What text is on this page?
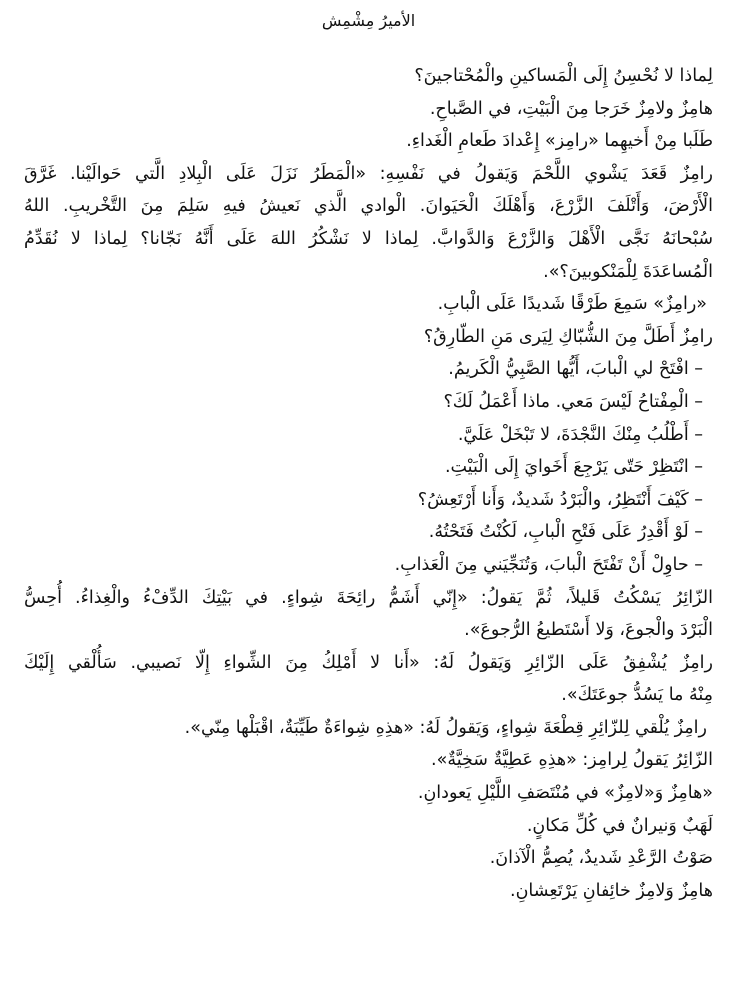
الأميرُ مِشْمِش
لِماذا لا نُحْسِنُ إِلَى الْمَساكينِ والْمُحْتاجينَ؟
هامِزٌ ولامِزٌ خَرَجا مِنَ الْبَيْتِ، في الصَّباحِ.
طَلَبا مِنْ أَخيهِما «رامِز» إِعْدادَ طَعامِ الْغَداءِ.
رامِزٌ قَعَدَ يَشْوي اللَّحْمَ وَيَقولُ في نَفْسِهِ: «الْمَطَرُ نَزَلَ عَلَى الْبِلادِ الَّتي حَوالَيْنا. غَرَّقَ
الْأَرْضَ، وَأَتْلَفَ الزَّرْعَ، وَأَهْلَكَ الْحَيَوانَ. الْوادي الَّذي نَعيشُ فيهِ سَلِمَ مِنَ التَّخْريبِ. اللهُ
سُبْحانَهُ نَجَّى الْأَهْلَ وَالزَّرْعَ وَالدَّوابَّ. لِماذا لا نَشْكُرُ اللهَ عَلَى أَنَّهُ نَجّانا؟ لِماذا لا نُقَدِّمُ
الْمُساعَدَةَ لِلْمَنْكوبينَ؟».
«رامِزٌ» سَمِعَ طَرْقًا شَديدًا عَلَى الْبابِ.
رامِزٌ أَطَلَّ مِنَ الشُّبّاكِ لِيَرى مَنِ الطّارِقُ؟
– افْتَحْ لي الْبابَ، أَيُّها الصَّبِيُّ الْكَريمُ.
– الْمِفْتاحُ لَيْسَ مَعي. ماذا أَعْمَلُ لَكَ؟
– أَطْلُبُ مِنْكَ النَّجْدَةَ، لا تَبْخَلْ عَلَيَّ.
– انْتَظِرْ حَتّى يَرْجِعَ أَخَوايَ إِلَى الْبَيْتِ.
– كَيْفَ أَنْتَظِرُ، والْبَرْدُ شَديدٌ، وَأَنا أَرْتَعِشُ؟
– لَوْ أَقْدِرُ عَلَى فَتْحِ الْبابِ، لَكُنْتُ فَتَحْتُهُ.
– حاوِلْ أَنْ تَفْتَحَ الْبابَ، وَتُنَجِّيَني مِنَ الْعَذابِ.
الزّائِرُ يَسْكُتُ قَليلاً، ثُمَّ يَقولُ: «إِنّي أَشَمُّ رائِحَةَ شِواءٍ. في بَيْتِكَ الدِّفْءُ والْغِذاءُ. أُحِسُّ
الْبَرْدَ والْجوعَ، وَلا أَسْتَطيعُ الرُّجوعَ».
رامِزٌ يُشْفِقُ عَلَى الزّائِرِ وَيَقولُ لَهُ: «أَنا لا أَمْلِكُ مِنَ الشِّواءِ إِلّا نَصيبي. سَأُلْقي إِلَيْكَ
مِنْهُ ما يَسُدُّ جوعَتَكَ».
رامِزٌ يُلْقي لِلزّائِرِ قِطْعَةَ شِواءٍ، وَيَقولُ لَهُ: «هذِهِ شِواءَةٌ طَيِّبَةٌ، اقْبَلْها مِنّي».
الزّائِرُ يَقولُ لِرامِز: «هذِهِ عَطِيَّةٌ سَخِيَّةٌ».
«هامِزٌ وَ«لامِزٌ» في مُنْتَصَفِ اللَّيْلِ يَعودانِ.
لَهَبٌ وَنيرانٌ في كُلِّ مَكانٍ.
صَوْتُ الرَّعْدِ شَديدٌ، يُصِمُّ الْآذانَ.
هامِزٌ وَلامِزٌ خائِفانِ يَرْتَعِشانِ.
